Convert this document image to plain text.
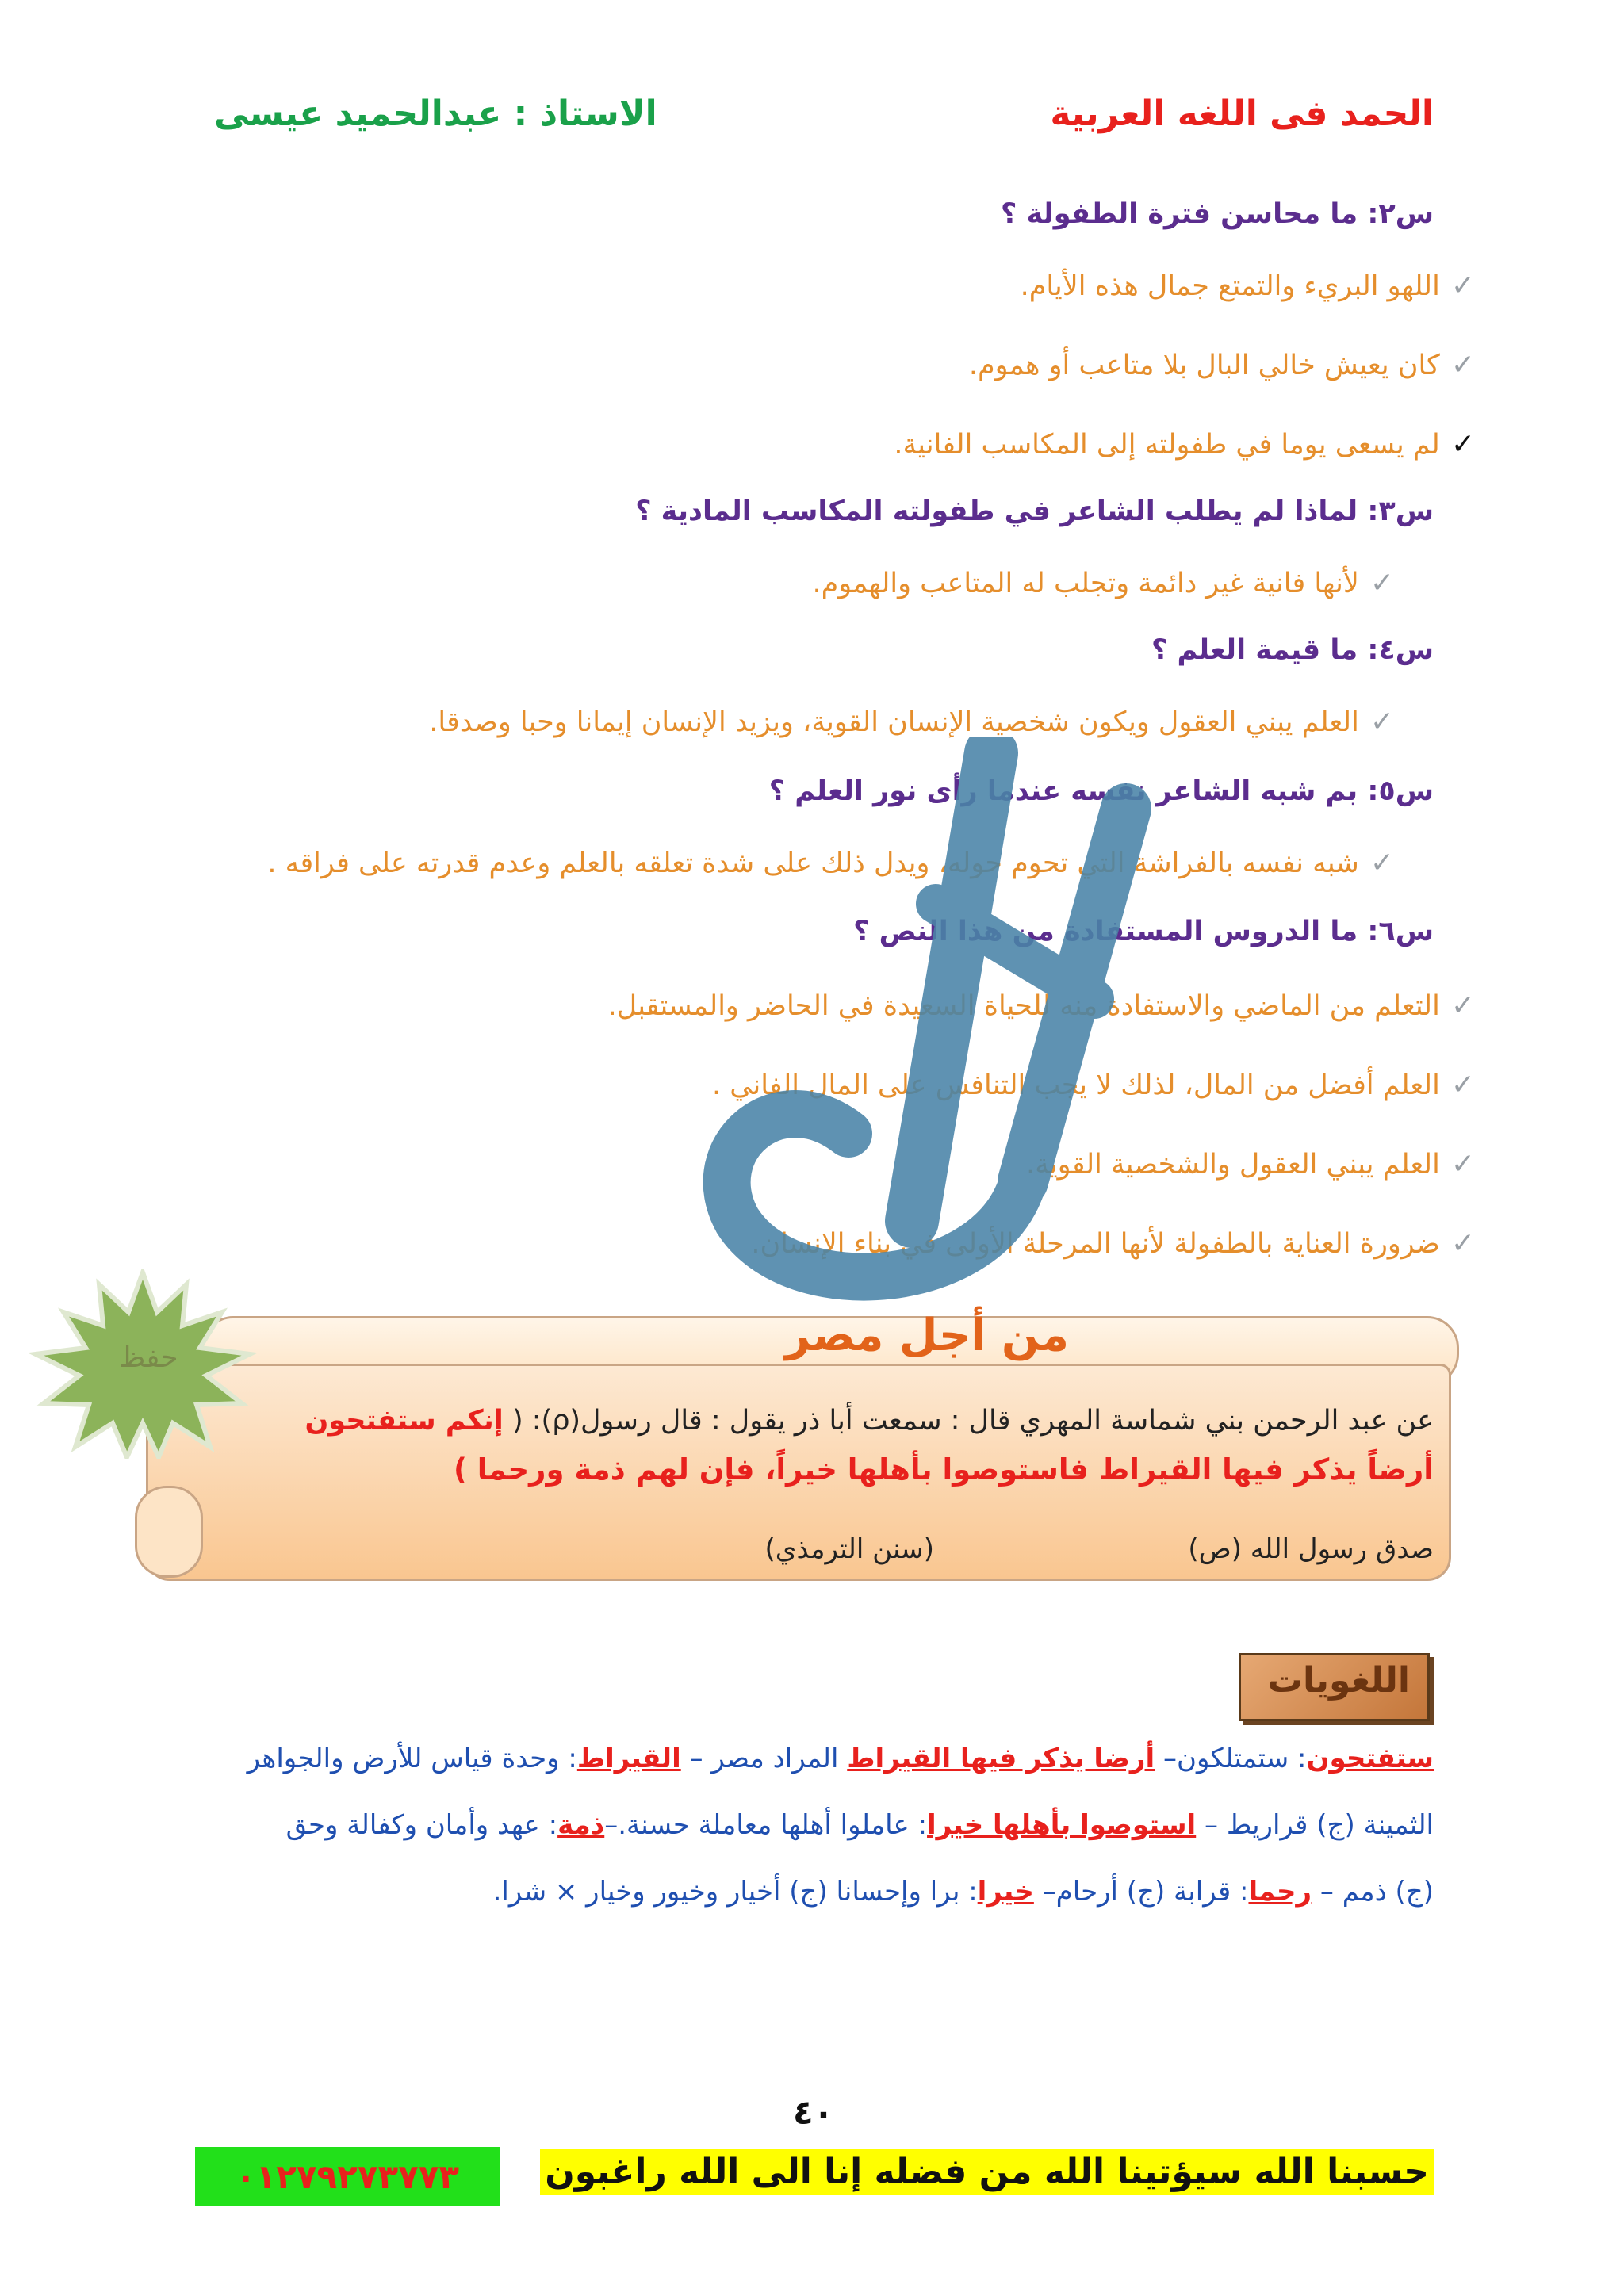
الحمد فى اللغه العربية
الاستاذ : عبدالحميد عيسى
س٢: ما محاسن فترة الطفولة ؟
✓
اللهو البريء والتمتع جمال هذه الأيام.
✓
كان يعيش خالي البال بلا متاعب أو هموم.
✓
لم يسعى يوما في طفولته إلى المكاسب الفانية.
س٣: لماذا لم يطلب الشاعر في طفولته المكاسب المادية ؟
✓
لأنها فانية غير دائمة وتجلب له المتاعب والهموم.
س٤: ما قيمة العلم ؟
✓
العلم يبني العقول ويكون شخصية الإنسان القوية، ويزيد الإنسان إيمانا وحبا وصدقا.
س٥: بم شبه الشاعر نفسه عندما رأى نور العلم ؟
✓
شبه نفسه بالفراشة التي تحوم حوله، ويدل ذلك على شدة تعلقه بالعلم وعدم قدرته على فراقه .
س٦: ما الدروس المستفادة من هذا النص ؟
✓
التعلم من الماضي والاستفادة منه للحياة السعيدة في الحاضر والمستقبل.
✓
العلم أفضل من المال، لذلك لا يجب التنافس على المال الفاني .
✓
العلم يبني العقول والشخصية القوية.
✓
ضرورة العناية بالطفولة لأنها المرحلة الأولى في بناء الإنسان.
من أجل مصر
عن عبد الرحمن بني شماسة المهري قال : سمعت أبا ذر يقول : قال رسول(ρ): ( إنكم ستفتحون
أرضاً يذكر فيها القيراط فاستوصوا بأهلها خيراً، فإن لهم ذمة ورحما )
صدق رسول الله (ص)
(سنن الترمذي)
حفظ
اللغويات
ستفتحون: ستمتلكون– أرضا يذكر فيها القيراط المراد مصر – القيراط: وحدة قياس للأرض والجواهر
الثمينة (ج) قراريط – استوصوا بأهلها خيرا: عاملوا أهلها معاملة حسنة.–ذمة: عهد وأمان وكفالة وحق
(ج) ذمم – رحما: قرابة (ج) أرحام– خيرا: برا وإحسانا (ج) أخيار وخيور وخيار × شرا.
٤٠
حسبنا الله سيؤتينا الله من فضله إنا الى الله راغبون
٠١٢٧٩٢٧٣٧٧٣
